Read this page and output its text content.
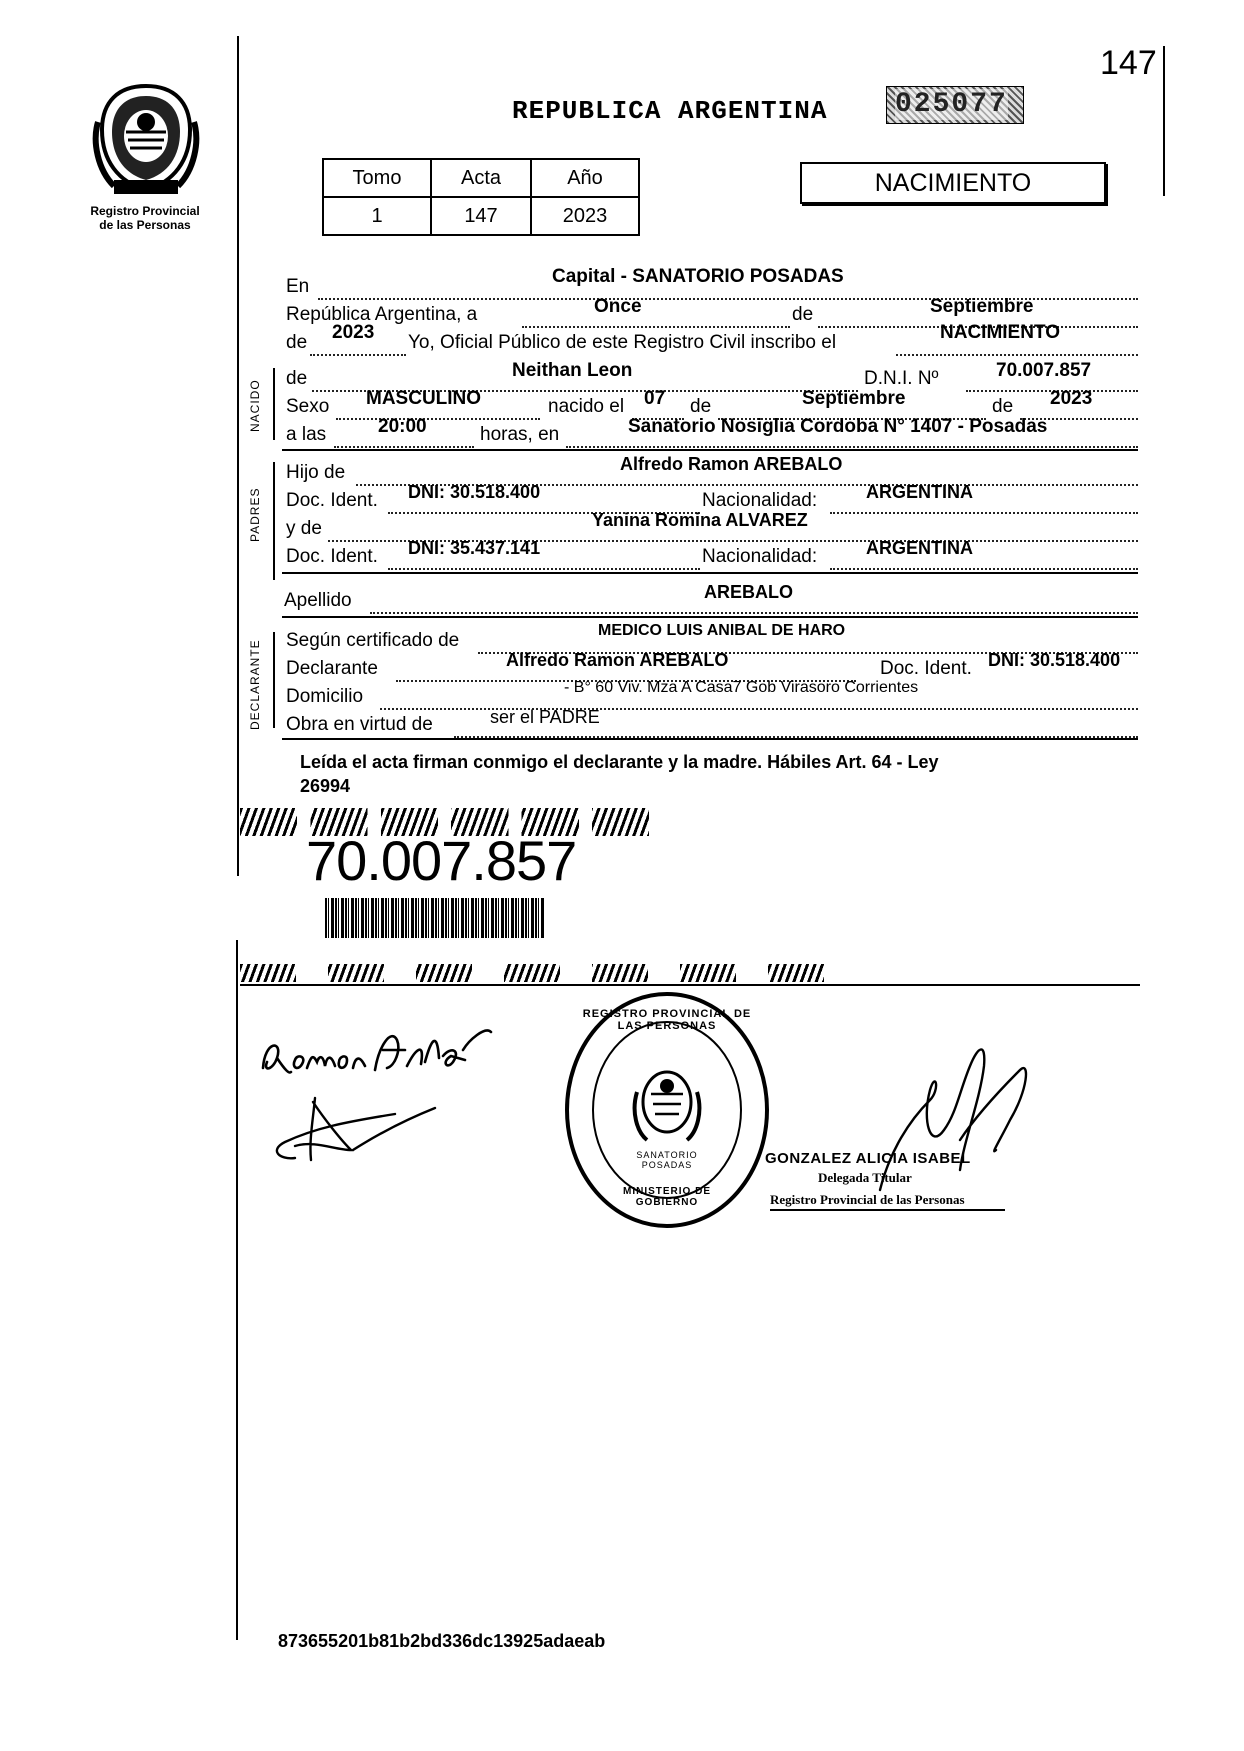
147
Registro Provincial
de las Personas
REPUBLICA ARGENTINA 025077
Tomo	Acta	Año
1	147	2023
NACIMIENTO
En	Capital - SANATORIO POSADAS
República Argentina, a	Once	de	Septiembre
de 2023 Yo, Oficial Público de este Registro Civil inscribo el	NACIMIENTO
NACIDO
de	Neithan Leon	D.N.I. Nº	70.007.857
Sexo MASCULINO	nacido el 07 de	Septiembre	de 2023
a las	20:00	horas, en	Sanatorio Nosiglia Cordoba N° 1407 - Posadas
PADRES
Hijo de	Alfredo Ramon AREBALO
Doc. Ident. DNI: 30.518.400	Nacionalidad:	ARGENTINA
y de	Yanina Romina ALVAREZ
Doc. Ident. DNI: 35.437.141	Nacionalidad:	ARGENTINA
Apellido	AREBALO
DECLARANTE Según certificado de	MEDICO LUIS ANIBAL DE HARO
Declarante	Alfredo Ramon AREBALO	Doc. Ident. DNI: 30.518.400
Domicilio	- B° 60 Viv. Mza A Casa7 Gob Virasoro Corrientes
Obra en virtud de	ser el PADRE
Leída el acta firman conmigo el declarante y la madre. Hábiles Art. 64 - Ley
26994
70.007.857
REGISTRO PROVINCIAL DE LAS PERSONAS
SANATORIO POSADAS
MINISTERIO DE GOBIERNO
GONZALEZ ALICIA ISABEL
Delegada Titular
Registro Provincial de las Personas
873655201b81b2bd336dc13925adaeab
